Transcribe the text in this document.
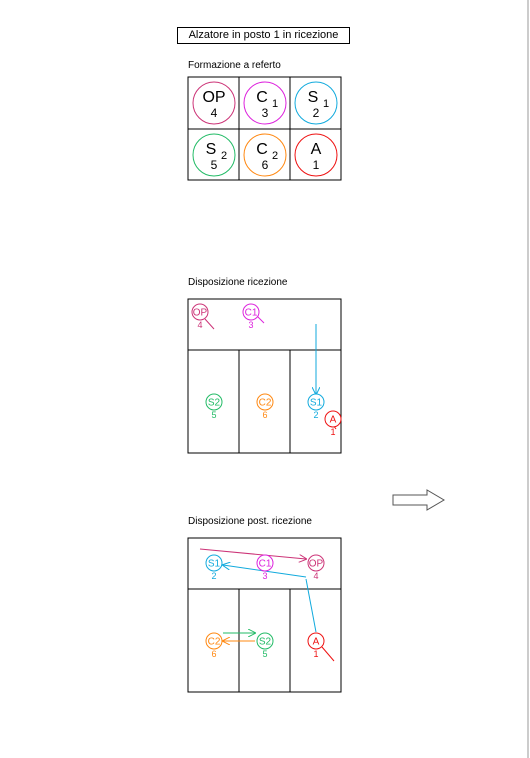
Alzatore in posto 1 in ricezione
Formazione a referto
Disposizione ricezione
Disposizione post. ricezione
OP
4
C
3
1 S
2
1
S
5
2 C
6
2 A
1
OP
4
C1
3
S2
5
C2
6
S1
2 A
1
S1
2
C1
3
OP
4
C2
6
S2
5
A
1
